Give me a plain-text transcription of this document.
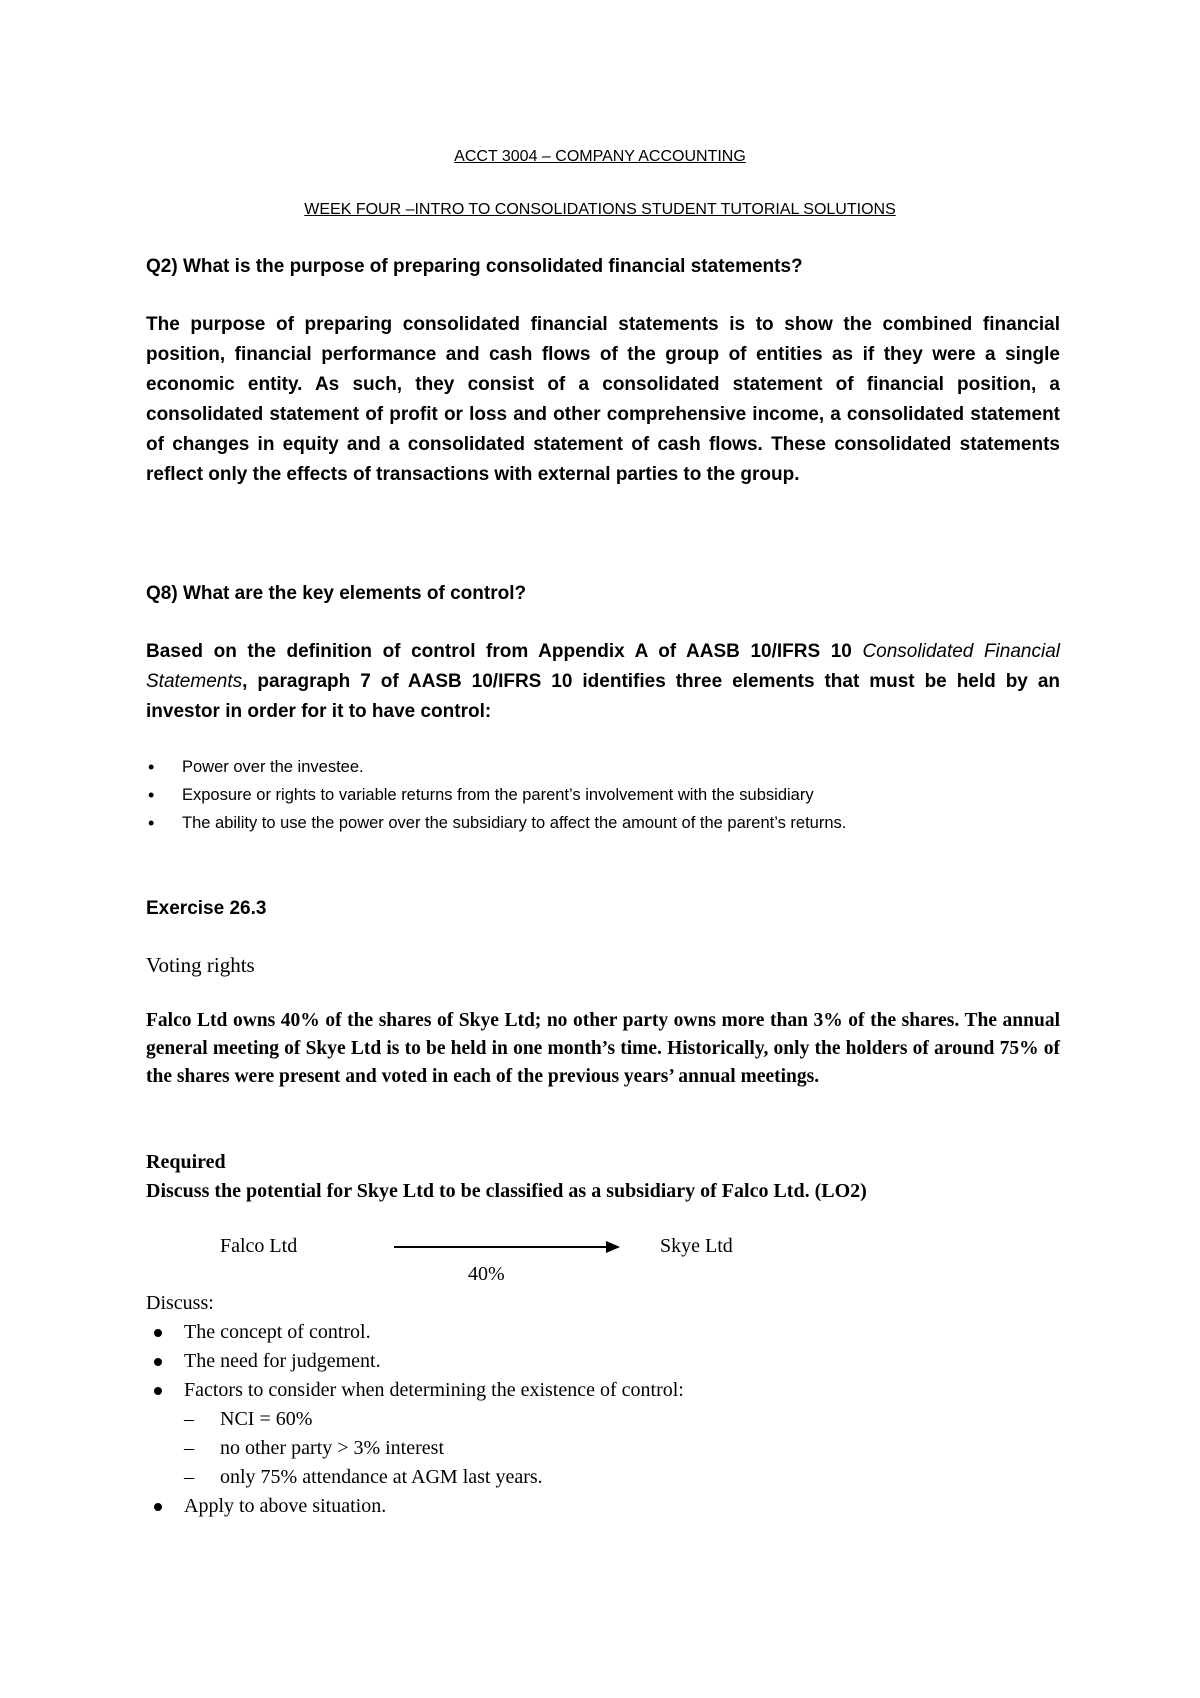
ACCT 3004 – COMPANY ACCOUNTING
WEEK FOUR –INTRO TO CONSOLIDATIONS STUDENT TUTORIAL SOLUTIONS
Q2) What is the purpose of preparing consolidated financial statements?
The purpose of preparing consolidated financial statements is to show the combined financial position, financial performance and cash flows of the group of entities as if they were a single economic entity. As such, they consist of a consolidated statement of financial position, a consolidated statement of profit or loss and other comprehensive income, a consolidated statement of changes in equity and a consolidated statement of cash flows. These consolidated statements reflect only the effects of transactions with external parties to the group.
Q8) What are the key elements of control?
Based on the definition of control from Appendix A of AASB 10/IFRS 10 Consolidated Financial Statements, paragraph 7 of AASB 10/IFRS 10 identifies three elements that must be held by an investor in order for it to have control:
• Power over the investee.
• Exposure or rights to variable returns from the parent’s involvement with the subsidiary
• The ability to use the power over the subsidiary to affect the amount of the parent’s returns.
Exercise 26.3
Voting rights
Falco Ltd owns 40% of the shares of Skye Ltd; no other party owns more than 3% of the shares. The annual general meeting of Skye Ltd is to be held in one month’s time. Historically, only the holders of around 75% of the shares were present and voted in each of the previous years’ annual meetings.
Required
Discuss the potential for Skye Ltd to be classified as a subsidiary of Falco Ltd. (LO2)
Falco Ltd	Skye Ltd
40%
Discuss:
The concept of control.
The need for judgement.
Factors to consider when determining the existence of control:
– NCI = 60%
– no other party > 3% interest
– only 75% attendance at AGM last years.
Apply to above situation.
